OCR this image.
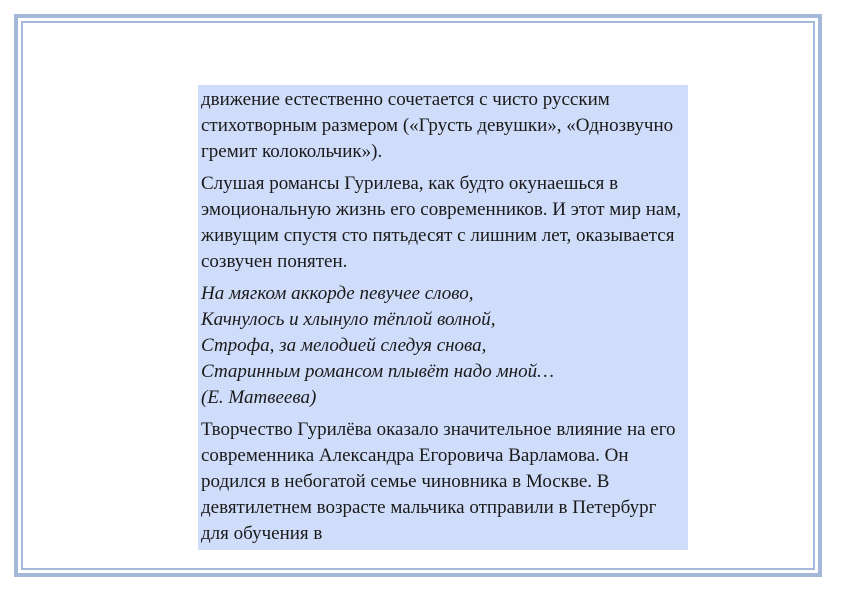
движение естественно сочетается с чисто русским стихотворным размером («Грусть девушки», «Однозвучно гремит колокольчик»).

Слушая романсы Гурилева, как будто окунаешься в эмоциональную жизнь его современников. И этот мир нам, живущим спустя сто пятьдесят с лишним лет, оказывается созвучен понятен.

На мягком аккорде певучее слово,
Качнулось и хлынуло тёплой волной,
Строфа, за мелодией следуя снова,
Старинным романсом плывёт надо мной…
(Е. Матвеева)

Творчество Гурилёва оказало значительное влияние на его современника Александра Егоровича Варламова. Он родился в небогатой семье чиновника в Москве. В девятилетнем возрасте мальчика отправили в Петербург для обучения в
